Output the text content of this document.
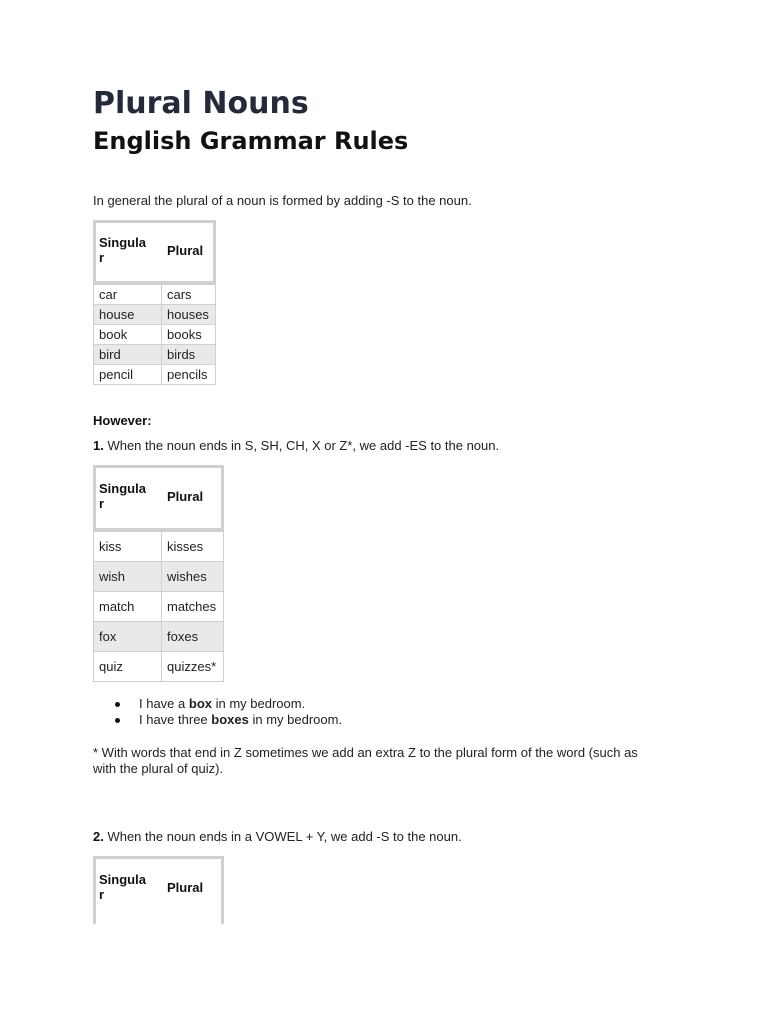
Plural Nouns
English Grammar Rules

In general the plural of a noun is formed by adding -S to the noun.

Singula
r	Plural
car	cars
house	houses
book	books
bird	birds
pencil	pencils

However:

1. When the noun ends in S, SH, CH, X or Z*, we add -ES to the noun.

Singula
r	Plural
kiss	kisses
wish	wishes
match	matches
fox	foxes
quiz	quizzes*
I have a box in my bedroom.
I have three boxes in my bedroom.

* With words that end in Z sometimes we add an extra Z to the plural form of the word (such as

with the plural of quiz).

2. When the noun ends in a VOWEL + Y, we add -S to the noun.

Singula
r	Plural
